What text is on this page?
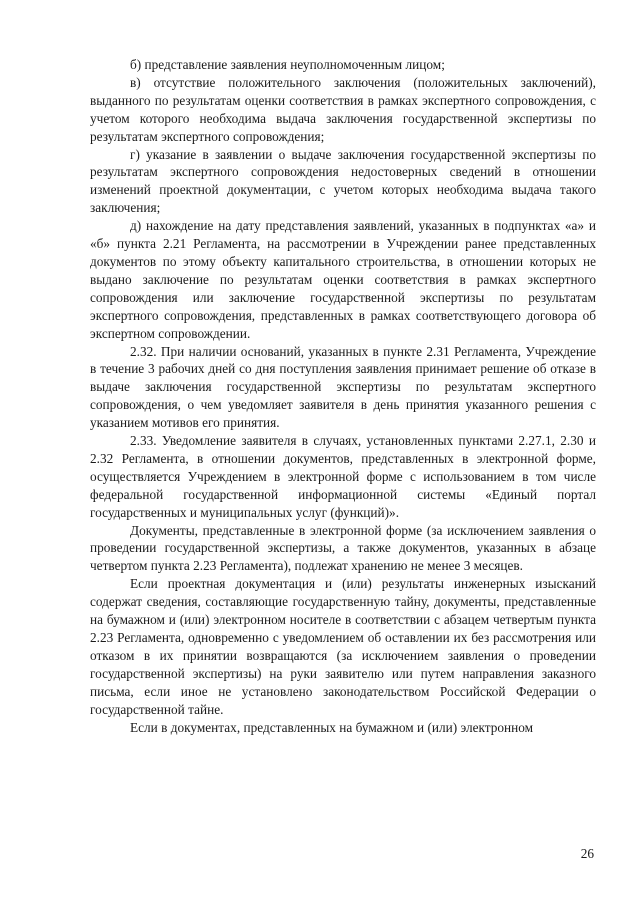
б) представление заявления неуполномоченным лицом;

в) отсутствие положительного заключения (положительных заключений), выданного по результатам оценки соответствия в рамках экспертного сопровождения, с учетом которого необходима выдача заключения государственной экспертизы по результатам экспертного сопровождения;

г) указание в заявлении о выдаче заключения государственной экспертизы по результатам экспертного сопровождения недостоверных сведений в отношении изменений проектной документации, с учетом которых необходима выдача такого заключения;

д) нахождение на дату представления заявлений, указанных в подпунктах «а» и «б» пункта 2.21 Регламента, на рассмотрении в Учреждении ранее представленных документов по этому объекту капитального строительства, в отношении которых не выдано заключение по результатам оценки соответствия в рамках экспертного сопровождения или заключение государственной экспертизы по результатам экспертного сопровождения, представленных в рамках соответствующего договора об экспертном сопровождении.

2.32. При наличии оснований, указанных в пункте 2.31 Регламента, Учреждение в течение 3 рабочих дней со дня поступления заявления принимает решение об отказе в выдаче заключения государственной экспертизы по результатам экспертного сопровождения, о чем уведомляет заявителя в день принятия указанного решения с указанием мотивов его принятия.

2.33. Уведомление заявителя в случаях, установленных пунктами 2.27.1, 2.30 и 2.32 Регламента, в отношении документов, представленных в электронной форме, осуществляется Учреждением в электронной форме с использованием в том числе федеральной государственной информационной системы «Единый портал государственных и муниципальных услуг (функций)».

Документы, представленные в электронной форме (за исключением заявления о проведении государственной экспертизы, а также документов, указанных в абзаце четвертом пункта 2.23 Регламента), подлежат хранению не менее 3 месяцев.

Если проектная документация и (или) результаты инженерных изысканий содержат сведения, составляющие государственную тайну, документы, представленные на бумажном и (или) электронном носителе в соответствии с абзацем четвертым пункта 2.23 Регламента, одновременно с уведомлением об оставлении их без рассмотрения или отказом в их принятии возвращаются (за исключением заявления о проведении государственной экспертизы) на руки заявителю или путем направления заказного письма, если иное не установлено законодательством Российской Федерации о государственной тайне.

Если в документах, представленных на бумажном и (или) электронном

26
